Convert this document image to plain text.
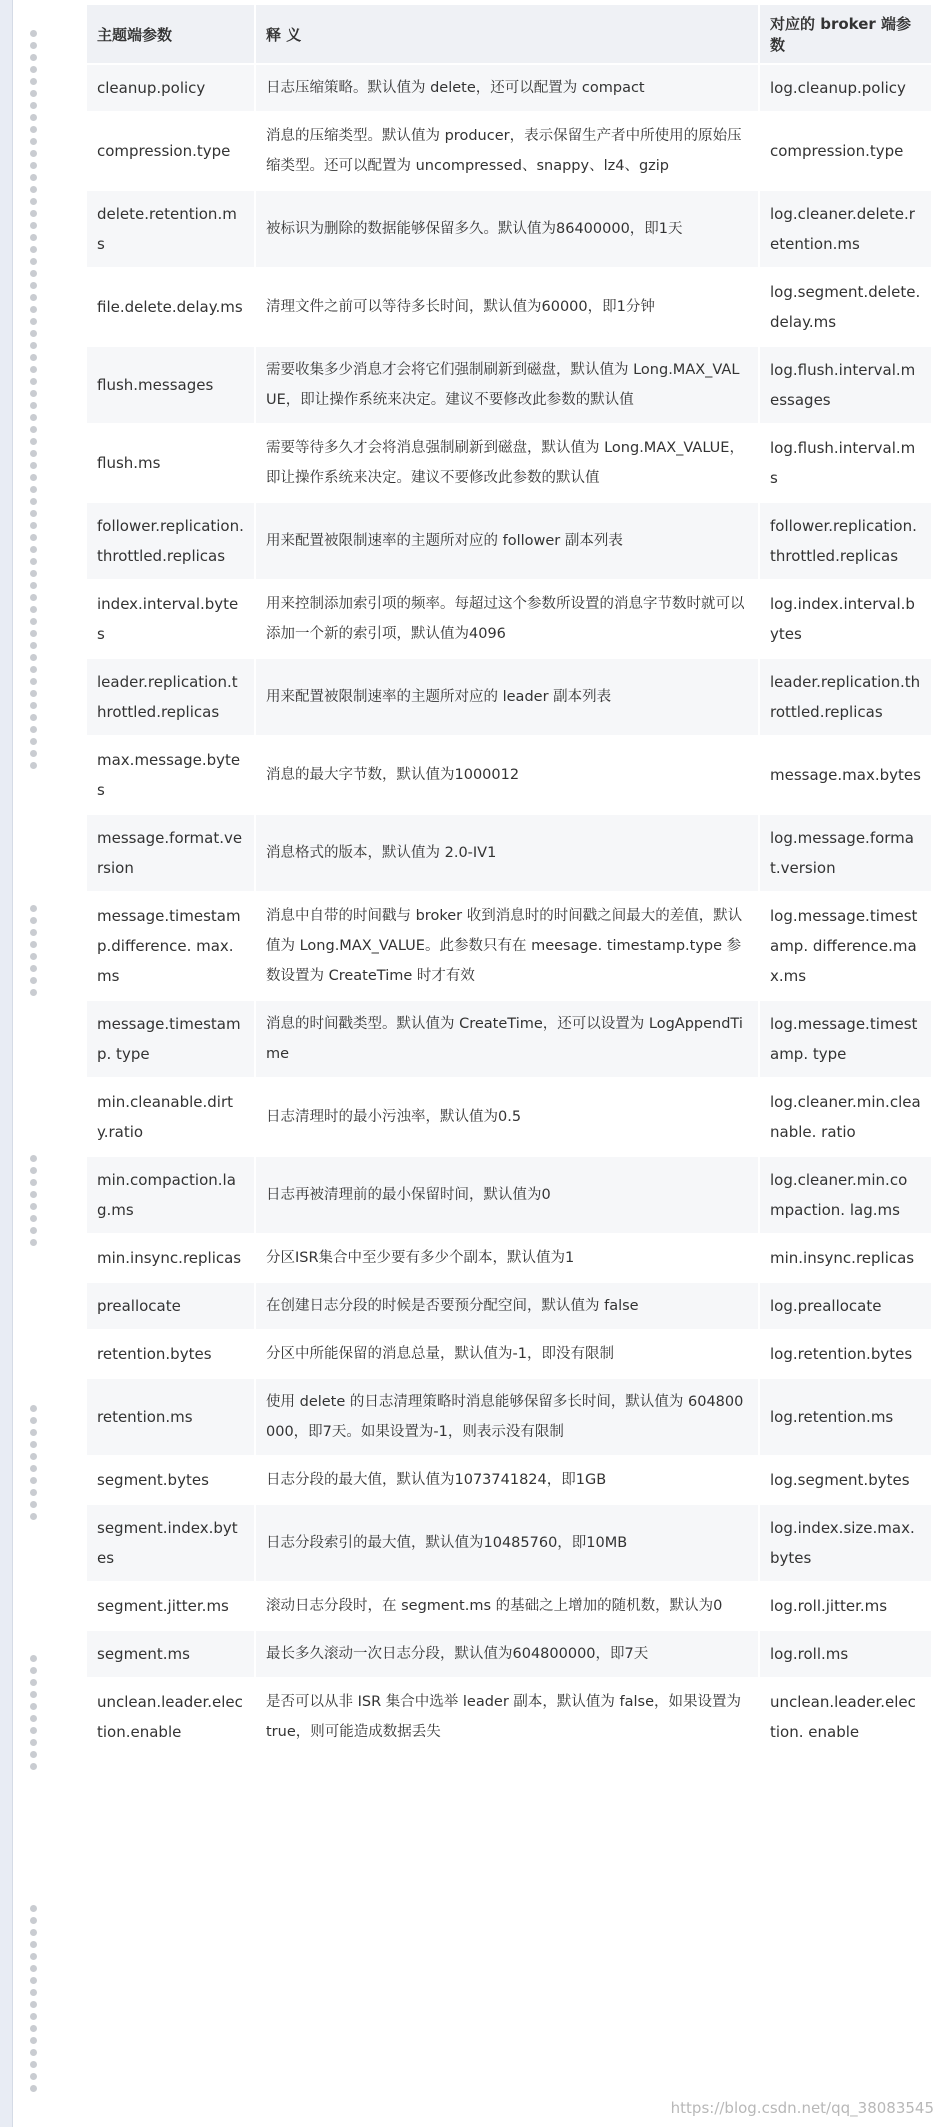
主题端参数	释 义	对应的 broker 端参数
cleanup.policy	日志压缩策略。默认值为 delete，还可以配置为 compact	log.cleanup.policy
compression.type	消息的压缩类型。默认值为 producer，表示保留生产者中所使用的原始压缩类型。还可以配置为 uncompressed、snappy、lz4、gzip	compression.type
delete.retention.ms	被标识为删除的数据能够保留多久。默认值为86400000，即1天	log.cleaner.delete.retention.ms
file.delete.delay.ms	清理文件之前可以等待多长时间，默认值为60000，即1分钟	log.segment.delete.delay.ms
flush.messages	需要收集多少消息才会将它们强制刷新到磁盘，默认值为 Long.MAX_VALUE，即让操作系统来决定。建议不要修改此参数的默认值	log.flush.interval.messages
flush.ms	需要等待多久才会将消息强制刷新到磁盘，默认值为 Long.MAX_VALUE，即让操作系统来决定。建议不要修改此参数的默认值	log.flush.interval.ms
follower.replication.throttled.replicas	用来配置被限制速率的主题所对应的 follower 副本列表	follower.replication.throttled.replicas
index.interval.bytes	用来控制添加索引项的频率。每超过这个参数所设置的消息字节数时就可以添加一个新的索引项，默认值为4096	log.index.interval.bytes
leader.replication.throttled.replicas	用来配置被限制速率的主题所对应的 leader 副本列表	leader.replication.throttled.replicas
max.message.bytes	消息的最大字节数，默认值为1000012	message.max.bytes
message.format.version	消息格式的版本，默认值为 2.0-IV1	log.message.format.version
message.timestamp.difference. max.ms	消息中自带的时间戳与 broker 收到消息时的时间戳之间最大的差值，默认值为 Long.MAX_VALUE。此参数只有在 meesage. timestamp.type 参数设置为 CreateTime 时才有效	log.message.timestamp. difference.max.ms
message.timestamp. type	消息的时间戳类型。默认值为 CreateTime，还可以设置为 LogAppendTime	log.message.timestamp. type
min.cleanable.dirty.ratio	日志清理时的最小污浊率，默认值为0.5	log.cleaner.min.cleanable. ratio
min.compaction.lag.ms	日志再被清理前的最小保留时间，默认值为0	log.cleaner.min.compaction. lag.ms
min.insync.replicas	分区ISR集合中至少要有多少个副本，默认值为1	min.insync.replicas
preallocate	在创建日志分段的时候是否要预分配空间，默认值为 false	log.preallocate
retention.bytes	分区中所能保留的消息总量，默认值为-1，即没有限制	log.retention.bytes
retention.ms	使用 delete 的日志清理策略时消息能够保留多长时间，默认值为 604800000，即7天。如果设置为-1，则表示没有限制	log.retention.ms
segment.bytes	日志分段的最大值，默认值为1073741824，即1GB	log.segment.bytes
segment.index.bytes	日志分段索引的最大值，默认值为10485760，即10MB	log.index.size.max.bytes
segment.jitter.ms	滚动日志分段时，在 segment.ms 的基础之上增加的随机数，默认为0	log.roll.jitter.ms
segment.ms	最长多久滚动一次日志分段，默认值为604800000，即7天	log.roll.ms
unclean.leader.election.enable	是否可以从非 ISR 集合中选举 leader 副本，默认值为 false，如果设置为 true，则可能造成数据丢失	unclean.leader.election. enable
https://blog.csdn.net/qq_38083545
